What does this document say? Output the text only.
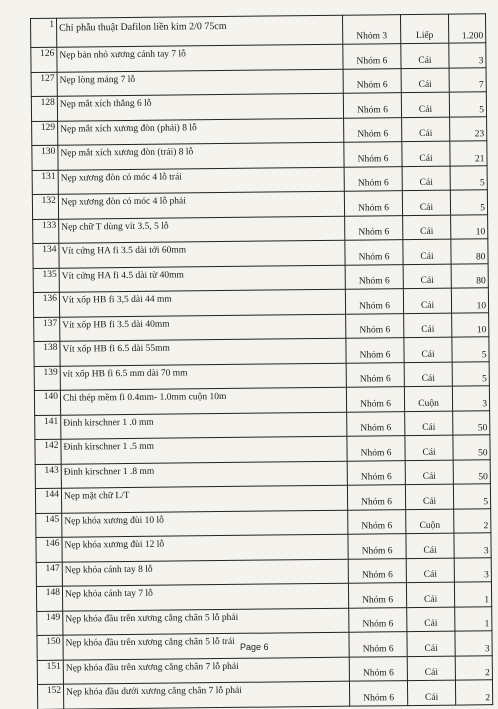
1	Chỉ phẫu thuật Dafilon liền kim 2/0 75cm	Nhóm 3	Liếp	1.200
126	Nẹp bản nhỏ xương cánh tay 7 lỗ	Nhóm 6	Cái	3
127	Nẹp lòng máng 7 lỗ	Nhóm 6	Cái	7
128	Nẹp mắt xích thẳng 6 lỗ	Nhóm 6	Cái	5
129	Nẹp mắt xích xương đòn (phải) 8 lỗ	Nhóm 6	Cái	23
130	Nẹp mắt xích xương đòn (trái) 8 lỗ	Nhóm 6	Cái	21
131	Nẹp xương đòn có móc 4 lỗ trái	Nhóm 6	Cái	5
132	Nẹp xương đòn có móc 4 lỗ phải	Nhóm 6	Cái	5
133	Nẹp chữ T dùng vít 3.5, 5 lỗ	Nhóm 6	Cái	10
134	Vít cứng HA fi 3.5 dài tới 60mm	Nhóm 6	Cái	80
135	Vít cứng HA fi 4.5 dài từ 40mm	Nhóm 6	Cái	80
136	Vít xốp HB fi 3,5 dài 44 mm	Nhóm 6	Cái	10
137	Vít xốp HB fi 3.5 dài 40mm	Nhóm 6	Cái	10
138	Vít xốp HB fi 6.5 dài 55mm	Nhóm 6	Cái	5
139	vít xốp HB fi 6.5 mm dài 70 mm	Nhóm 6	Cái	5
140	Chỉ thép mềm fi 0.4mm- 1.0mm cuộn 10m	Nhóm 6	Cuộn	3
141	Đinh kirschner 1 .0 mm	Nhóm 6	Cái	50
142	Đinh kirschner 1 .5 mm	Nhóm 6	Cái	50
143	Đinh kirschner 1 .8 mm	Nhóm 6	Cái	50
144	Nẹp mặt chữ L/T	Nhóm 6	Cái	5
145	Nẹp khóa xương đùi 10 lỗ	Nhóm 6	Cuộn	2
146	Nẹp khóa xương đùi 12 lỗ	Nhóm 6	Cái	3
147	Nẹp khóa cánh tay 8 lỗ	Nhóm 6	Cái	3
148	Nẹp khóa cánh tay 7 lỗ	Nhóm 6	Cái	1
149	Nẹp khóa đầu trên xương cẳng chân 5 lỗ phải	Nhóm 6	Cái	1
150	Nẹp khóa đầu trên xương cẳng chân 5 lỗ trái	Nhóm 6	Cái	3
151	Nẹp khóa đầu trên xương cẳng chân 7 lỗ phải	Nhóm 6	Cái	2
152	Nẹp khóa đầu dưới xương cẳng chân 7 lỗ phải	Nhóm 6	Cái	2
Page 6
